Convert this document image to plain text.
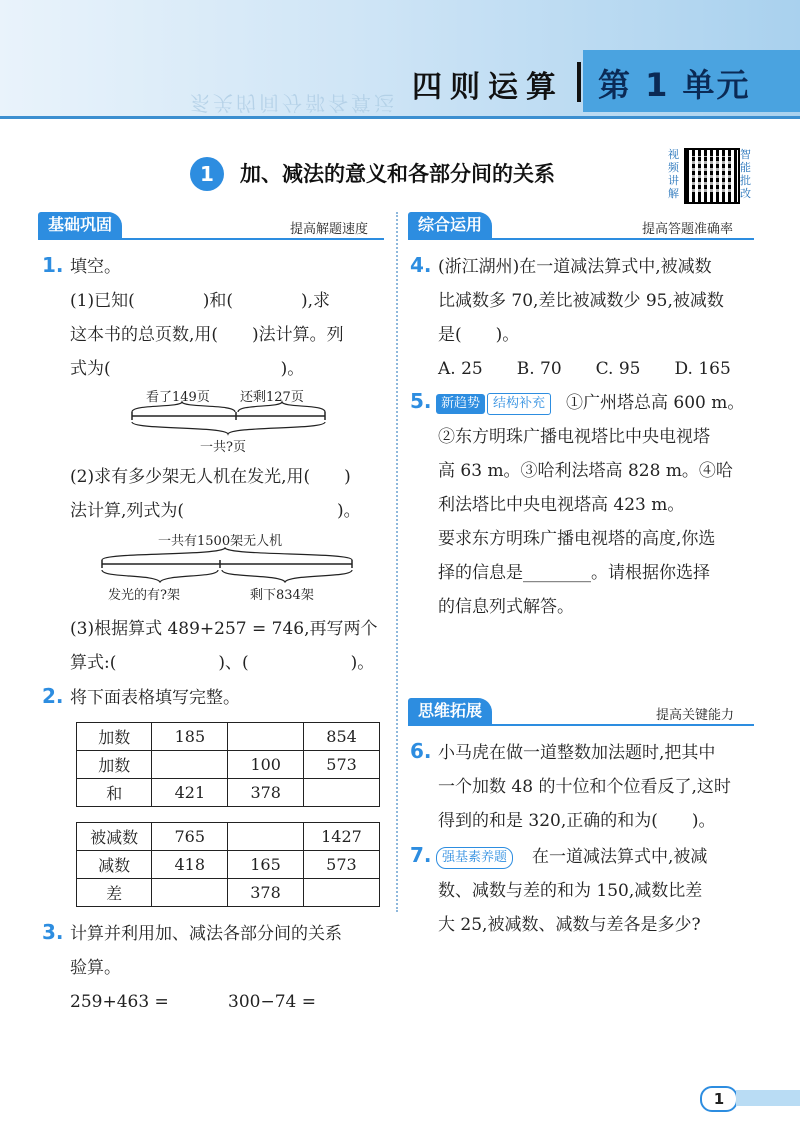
系关的间分部各算运 四则运算 第 1 单元
1	加、减法的意义和各部分间的关系
视频讲解
智能批改
基础巩固	提高解题速度
1. 填空。
(1)已知(　　　　)和(　　　　),求
这本书的总页数,用(　　)法计算。列
式为(　　　　　　　　　　)。
看了149页 还剩127页
一共?页
(2)求有多少架无人机在发光,用(　　)
法计算,列式为(　　　　　　　　　)。
一共有1500架无人机
发光的有?架	剩下834架
(3)根据算式 489+257 = 746,再写两个
算式:(　　　　　　)、(　　　　　　)。
2. 将下面表格填写完整。
加数	185		854
加数		100	573
和	421	378	
被减数	765		1427
减数	418	165	573
差		378	
3. 计算并利用加、减法各部分间的关系
验算。
259+463 =	300−74 =
综合运用	提高答题准确率
4. (浙江湖州)在一道减法算式中,被减数
比减数多 70,差比被减数少 95,被减数
是(　　)。
A. 25　　B. 70　　C. 95　　D. 165
5. 新趋势 结构补充	①广州塔总高 600 m。
②东方明珠广播电视塔比中央电视塔
高 63 m。③哈利法塔高 828 m。④哈
利法塔比中央电视塔高 423 m。
要求东方明珠广播电视塔的高度,你选
择的信息是________。请根据你选择
的信息列式解答。
思维拓展	提高关键能力
6. 小马虎在做一道整数加法题时,把其中
一个加数 48 的十位和个位看反了,这时
得到的和是 320,正确的和为(　　)。
7. 强基素养题	在一道减法算式中,被减
数、减数与差的和为 150,减数比差
大 25,被减数、减数与差各是多少?
1
